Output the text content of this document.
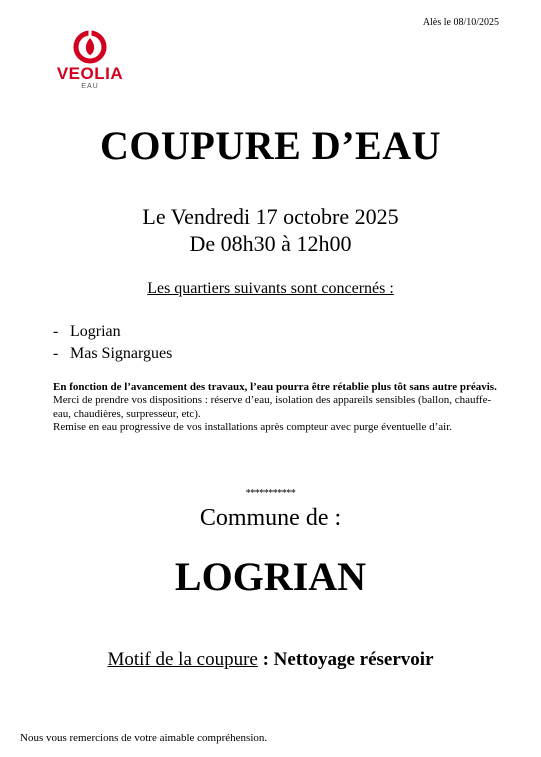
Alès le 08/10/2025
VEOLIA
EAU
COUPURE D’EAU
Le Vendredi 17 octobre 2025
De 08h30 à 12h00
Les quartiers suivants sont concernés :
- Logrian
- Mas Signargues

En fonction de l’avancement des travaux, l’eau pourra être rétablie plus tôt sans autre préavis.

Merci de prendre vos dispositions : réserve d’eau, isolation des appareils sensibles (ballon, chauffe-eau, chaudières, surpresseur, etc).

Remise en eau progressive de vos installations après compteur avec purge éventuelle d’air.

***********
Commune de :
LOGRIAN
Motif de la coupure : Nettoyage réservoir
Nous vous remercions de votre aimable compréhension.
